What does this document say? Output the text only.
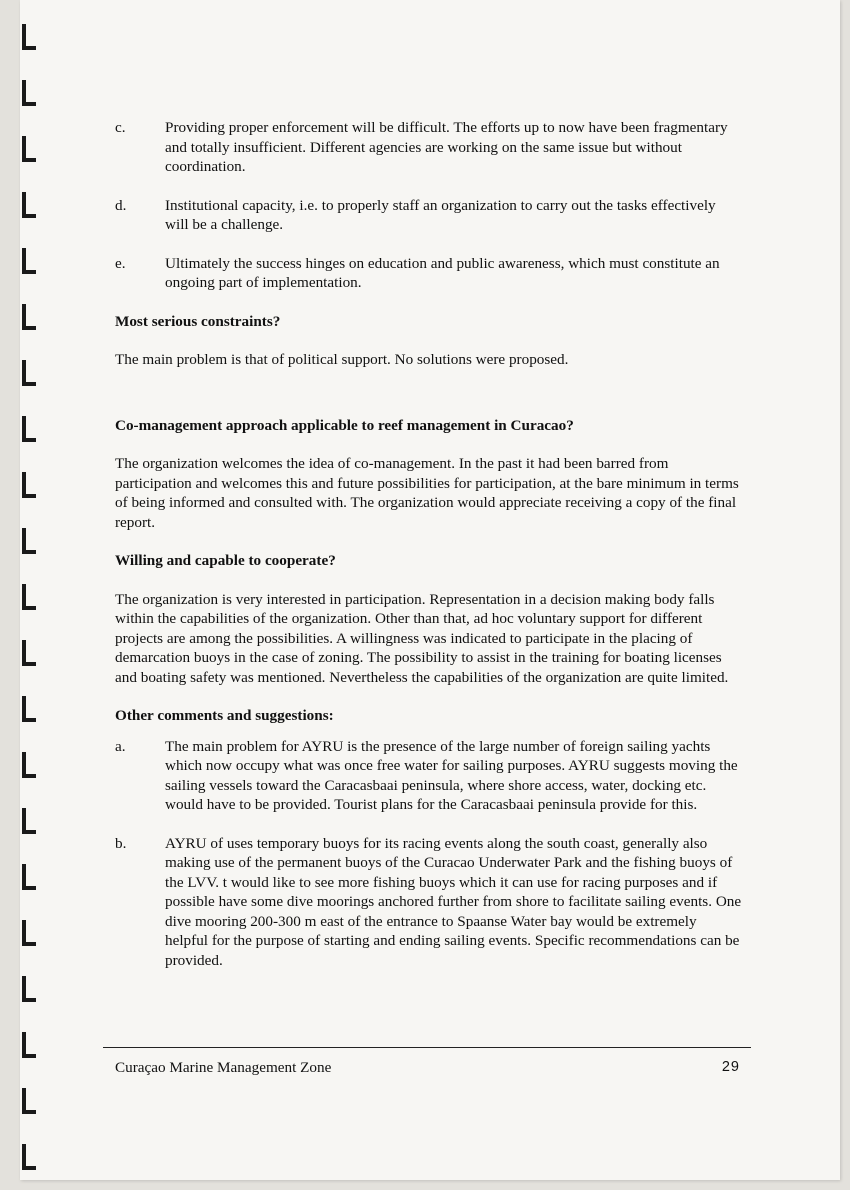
c.	Providing proper enforcement will be difficult. The efforts up to now have been fragmentary and totally insufficient. Different agencies are working on the same issue but without coordination.
d.	Institutional capacity, i.e. to properly staff an organization to carry out the tasks effectively will be a challenge.
e.	Ultimately the success hinges on education and public awareness, which must constitute an ongoing part of implementation.
Most serious constraints?
The main problem is that of political support. No solutions were proposed.
Co-management approach applicable to reef management in Curacao?
The organization welcomes the idea of co-management. In the past it had been barred from participation and welcomes this and future possibilities for participation, at the bare minimum in terms of being informed and consulted with. The organization would appreciate receiving a copy of the final report.
Willing and capable to cooperate?
The organization is very interested in participation. Representation in a decision making body falls within the capabilities of the organization. Other than that, ad hoc voluntary support for different projects are among the possibilities. A willingness was indicated to participate in the placing of demarcation buoys in the case of zoning. The possibility to assist in the training for boating licenses and boating safety was mentioned. Nevertheless the capabilities of the organization are quite limited.
Other comments and suggestions:
a.	The main problem for AYRU is the presence of the large number of foreign sailing yachts which now occupy what was once free water for sailing purposes. AYRU suggests moving the sailing vessels toward the Caracasbaai peninsula, where shore access, water, docking etc. would have to be provided. Tourist plans for the Caracasbaai peninsula provide for this.
b.	AYRU of uses temporary buoys for its racing events along the south coast, generally also making use of the permanent buoys of the Curacao Underwater Park and the fishing buoys of the LVV. t would like to see more fishing buoys which it can use for racing purposes and if possible have some dive moorings anchored further from shore to facilitate sailing events. One dive mooring 200-300 m east of the entrance to Spaanse Water bay would be extremely helpful for the purpose of starting and ending sailing events. Specific recommendations can be provided.
Curaçao Marine Management Zone	29
